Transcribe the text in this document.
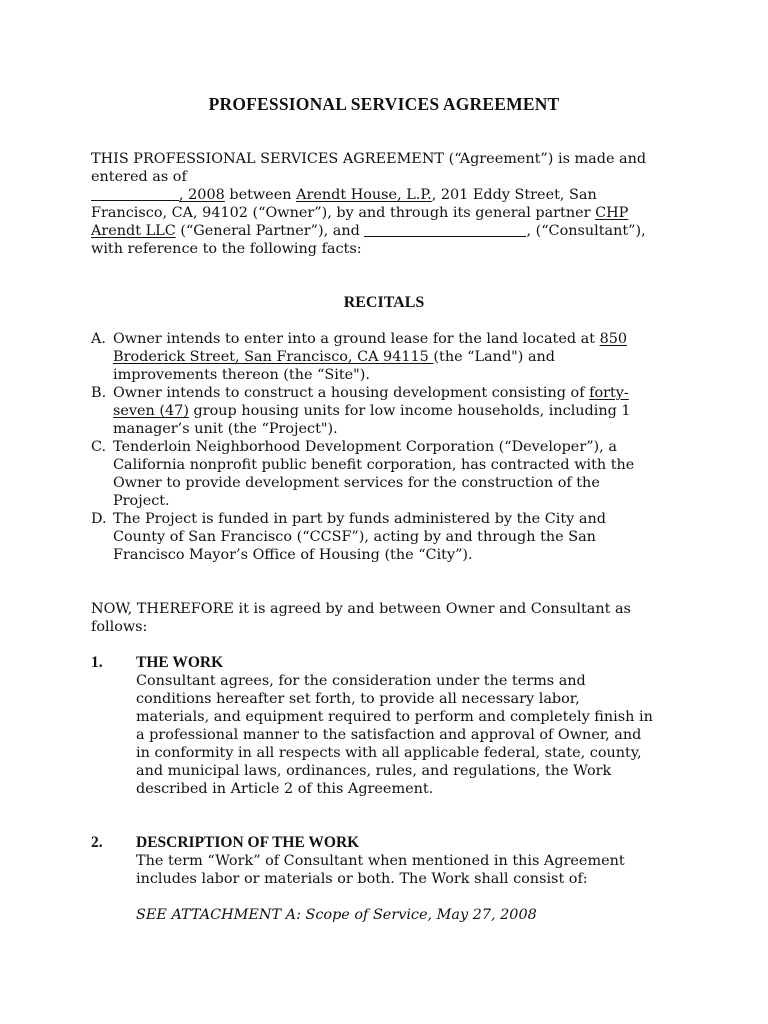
PROFESSIONAL SERVICES AGREEMENT
THIS PROFESSIONAL SERVICES AGREEMENT (“Agreement”) is made and
entered as of
, 2008 between Arendt House, L.P., 201 Eddy Street, San
Francisco, CA, 94102 (“Owner”), by and through its general partner CHP
Arendt LLC (“General Partner”), and	, (“Consultant”),
with reference to the following facts:
RECITALS
A. Owner intends to enter into a ground lease for the land located at 850
Broderick Street, San Francisco, CA 94115 (the “Land") and
improvements thereon (the “Site").
B. Owner intends to construct a housing development consisting of forty-
seven (47) group housing units for low income households, including 1
manager’s unit (the “Project").
C. Tenderloin Neighborhood Development Corporation (“Developer”), a
California nonprofit public benefit corporation, has contracted with the
Owner to provide development services for the construction of the
Project.
D. The Project is funded in part by funds administered by the City and
County of San Francisco (“CCSF”), acting by and through the San
Francisco Mayor’s Office of Housing (the “City”).
NOW, THEREFORE it is agreed by and between Owner and Consultant as
follows:
1. THE WORK
Consultant agrees, for the consideration under the terms and
conditions hereafter set forth, to provide all necessary labor,
materials, and equipment required to perform and completely finish in
a professional manner to the satisfaction and approval of Owner, and
in conformity in all respects with all applicable federal, state, county,
and municipal laws, ordinances, rules, and regulations, the Work
described in Article 2 of this Agreement.
2. DESCRIPTION OF THE WORK
The term “Work” of Consultant when mentioned in this Agreement
includes labor or materials or both. The Work shall consist of:
SEE ATTACHMENT A: Scope of Service, May 27, 2008
